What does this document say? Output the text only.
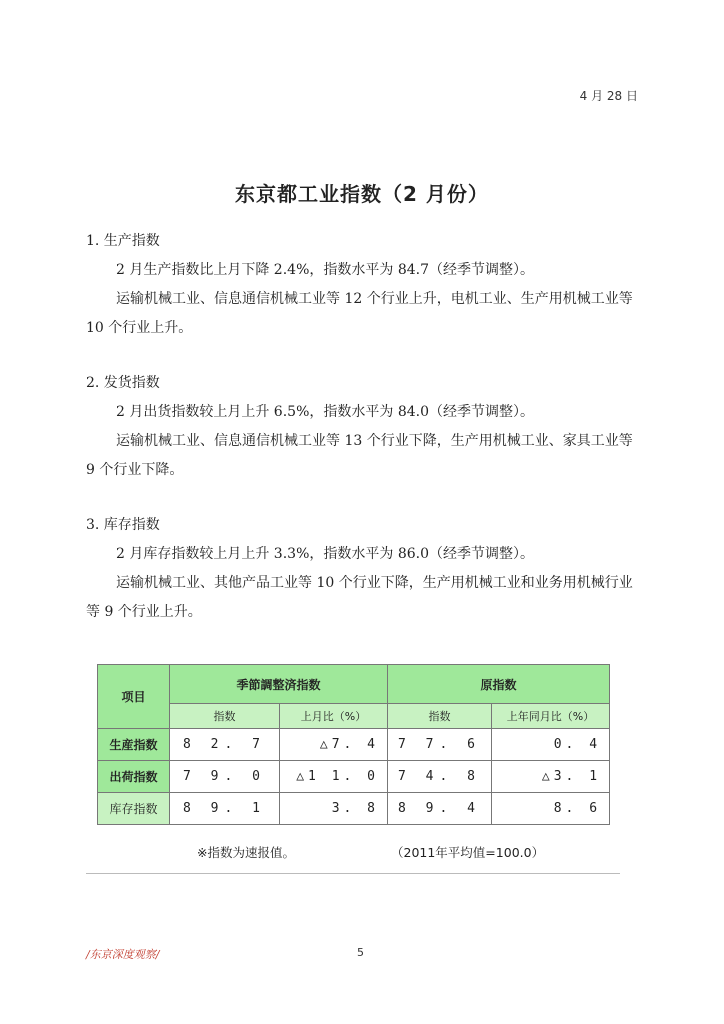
4 月 28 日
东京都工业指数（2 月份）
1. 生产指数
2 月生产指数比上月下降 2.4%，指数水平为 84.7（经季节调整）。
运输机械工业、信息通信机械工业等 12 个行业上升，电机工业、生产用机械工业等 10 个行业上升。
2. 发货指数
2 月出货指数较上月上升 6.5%，指数水平为 84.0（经季节调整）。
运输机械工业、信息通信机械工业等 13 个行业下降，生产用机械工业、家具工业等 9 个行业下降。
3. 库存指数
2 月库存指数较上月上升 3.3%，指数水平为 86.0（经季节调整）。
运输机械工业、其他产品工业等 10 个行业下降，生产用机械工业和业务用机械行业等 9 个行业上升。
项目	季節調整済指数		原指数	
	指数	上月比（%）	指数	上年同月比（%）
生産指数	8 2. 7	△7. 4	7 7. 6	0. 4
出荷指数	7 9. 0	△1 1. 0	7 4. 8	△3. 1
库存指数	8 9. 1	3. 8	8 9. 4	8. 6
※指数为速报值。	（2011年平均值=100.0）
/东京深度观察/	5
